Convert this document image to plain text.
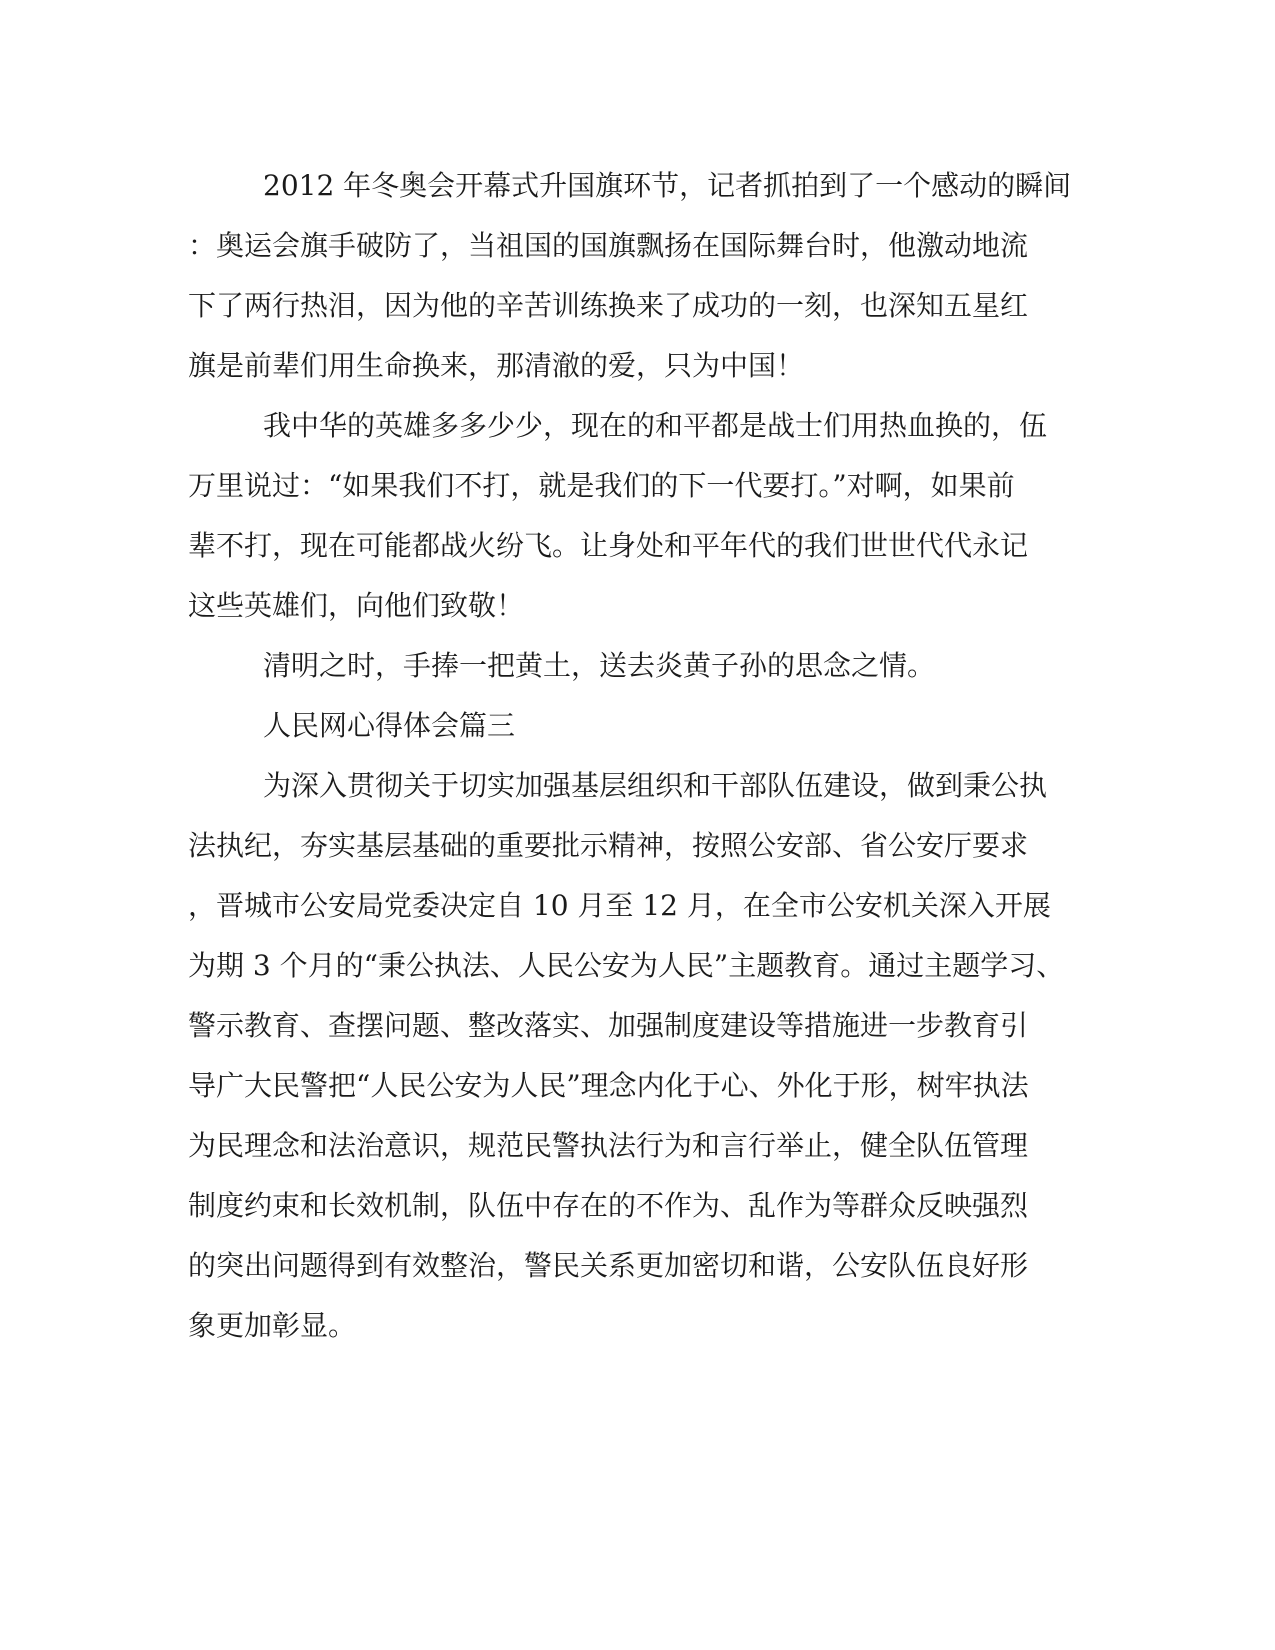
2012 年冬奥会开幕式升国旗环节，记者抓拍到了一个感动的瞬间
：奥运会旗手破防了，当祖国的国旗飘扬在国际舞台时，他激动地流
下了两行热泪，因为他的辛苦训练换来了成功的一刻，也深知五星红
旗是前辈们用生命换来，那清澈的爱，只为中国！
我中华的英雄多多少少，现在的和平都是战士们用热血换的，伍
万里说过：“如果我们不打，就是我们的下一代要打。”对啊，如果前
辈不打，现在可能都战火纷飞。让身处和平年代的我们世世代代永记
这些英雄们，向他们致敬！
清明之时，手捧一把黄土，送去炎黄子孙的思念之情。
人民网心得体会篇三
为深入贯彻关于切实加强基层组织和干部队伍建设，做到秉公执
法执纪，夯实基层基础的重要批示精神，按照公安部、省公安厅要求
，晋城市公安局党委决定自 10 月至 12 月，在全市公安机关深入开展
为期 3 个月的“秉公执法、人民公安为人民”主题教育。通过主题学习、
警示教育、查摆问题、整改落实、加强制度建设等措施进一步教育引
导广大民警把“人民公安为人民”理念内化于心、外化于形，树牢执法
为民理念和法治意识，规范民警执法行为和言行举止，健全队伍管理
制度约束和长效机制，队伍中存在的不作为、乱作为等群众反映强烈
的突出问题得到有效整治，警民关系更加密切和谐，公安队伍良好形
象更加彰显。
